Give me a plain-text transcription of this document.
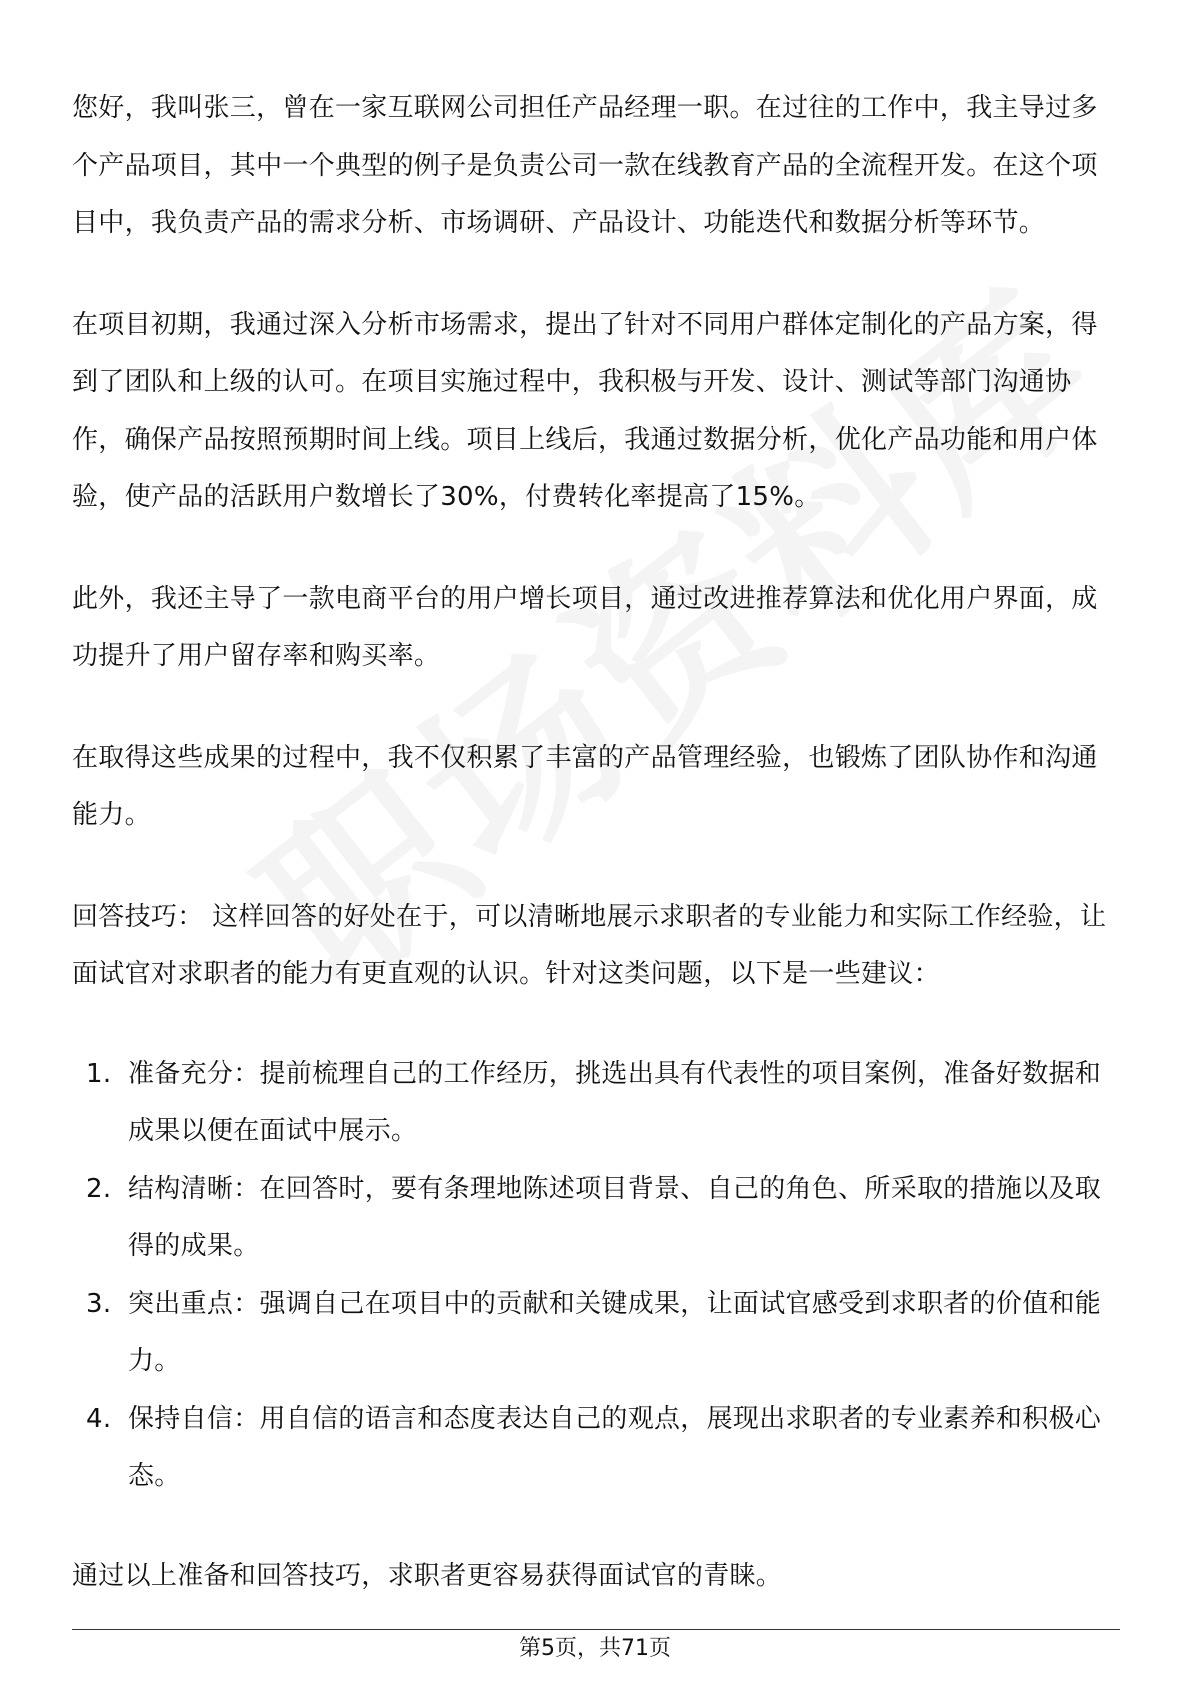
您好，我叫张三，曾在一家互联网公司担任产品经理一职。在过往的工作中，我主导过多个产品项目，其中一个典型的例子是负责公司一款在线教育产品的全流程开发。在这个项目中，我负责产品的需求分析、市场调研、产品设计、功能迭代和数据分析等环节。

在项目初期，我通过深入分析市场需求，提出了针对不同用户群体定制化的产品方案，得到了团队和上级的认可。在项目实施过程中，我积极与开发、设计、测试等部门沟通协作，确保产品按照预期时间上线。项目上线后，我通过数据分析，优化产品功能和用户体验，使产品的活跃用户数增长了30%，付费转化率提高了15%。

此外，我还主导了一款电商平台的用户增长项目，通过改进推荐算法和优化用户界面，成功提升了用户留存率和购买率。

在取得这些成果的过程中，我不仅积累了丰富的产品管理经验，也锻炼了团队协作和沟通能力。

回答技巧： 这样回答的好处在于，可以清晰地展示求职者的专业能力和实际工作经验，让面试官对求职者的能力有更直观的认识。针对这类问题，以下是一些建议：

1. 准备充分：提前梳理自己的工作经历，挑选出具有代表性的项目案例，准备好数据和成果以便在面试中展示。
2. 结构清晰：在回答时，要有条理地陈述项目背景、自己的角色、所采取的措施以及取得的成果。
3. 突出重点：强调自己在项目中的贡献和关键成果，让面试官感受到求职者的价值和能力。
4. 保持自信：用自信的语言和态度表达自己的观点，展现出求职者的专业素养和积极心态。

通过以上准备和回答技巧，求职者更容易获得面试官的青睐。

第5页，共71页
